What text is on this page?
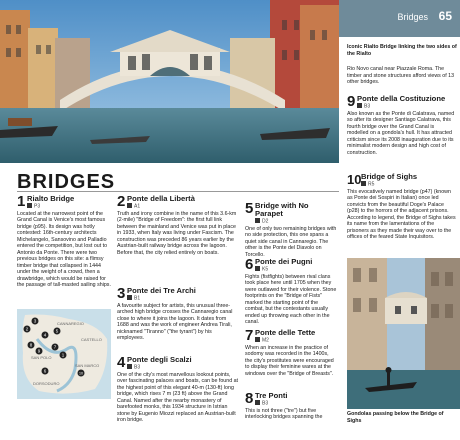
Bridges 65
Iconic Rialto Bridge linking the two sides of the Rialto
Rio Novo canal near Piazzale Roma. The timber and stone structures afford views of 13 other bridges.
BRIDGES
1 Rialto Bridge
P3
Located at the narrowest point of the Grand Canal is Venice's most famous bridge (p95). Its design was hotly contested: 16th-century architects Michelangelo, Sansovino and Palladio entered the competition, but lost out to Antonio da Ponte. There were two previous bridges on this site: a flimsy timber bridge that collapsed in 1444 under the weight of a crowd, then a drawbridge, which would be raised for the passage of tall-masted sailing ships.
CANNAREGIO
SAN POLO
DORSODURO
SAN MARCO
CASTELLO
1
2
3
4
5
6
7
8
9
10
2 Ponte della Libertà
A1
Truth and irony combine in the name of this 3.6-km (2-mile) "Bridge of Freedom": the first full link between the mainland and Venice was put in place in 1933, when Italy was living under Fascism. The construction was preceded 86 years earlier by the Austrian-built railway bridge across the lagoon. Before that, the city relied entirely on boats.
3 Ponte dei Tre Archi
B1
A favourite subject for artists, this unusual three-arched high bridge crosses the Cannaregio canal close to where it joins the lagoon. It dates from 1688 and was the work of engineer Andrea Tirali, nicknamed "Tiranno" ("the tyrant") by his employees.
4 Ponte degli Scalzi
B3
One of the city's most marvellous lookout points, over fascinating palaces and boats, can be found at the highest point of this elegant 40-m (130-ft) long bridge, which rises 7 m (23 ft) above the Grand Canal. Named after the nearby monastery of barefooted monks, this 1934 structure in Istrian stone by Eugenio Miozzi replaced an Austrian-built iron bridge.
5 Bridge with No Parapet
D2
One of only two remaining bridges with no side protection, this one spans a quiet side canal in Cannaregio. The other is the Ponte del Diavolo on Torcello.
6 Ponte dei Pugni
K5
Fights (fistfights) between rival clans took place here until 1705 when they were outlawed for their violence. Stone footprints on the "Bridge of Fists" marked the starting point of the combat, but the contestants usually ended up throwing each other in the canal.
7 Ponte delle Tette
M2
When an increase in the practice of sodomy was recorded in the 1400s, the city's prostitutes were encouraged to display their feminine wares at the windows over the "Bridge of Breasts".
8 Tre Ponti
B3
This is not three ("tre") but five interlocking bridges spanning the
9 Ponte della Costituzione
B3
Also known as the Ponte di Calatrava, named so after its designer Santiago Calatrava, this fourth bridge over the Grand Canal is modelled on a gondola's hull. It has attracted criticism since its 2008 inauguration due to its minimalist modern design and high cost of construction.
10 Bridge of Sighs
R5
This evocatively named bridge (p47) (known as Ponte dei Sospiri in Italian) once led convicts from the beautiful Doge's Palace (p28) to the horrors of the adjacent prisons. According to legend, the Bridge of Sighs takes its name from the lamentations of the prisoners as they made their way over to the offices of the feared State Inquisitors.
Gondolas passing below the Bridge of Sighs
